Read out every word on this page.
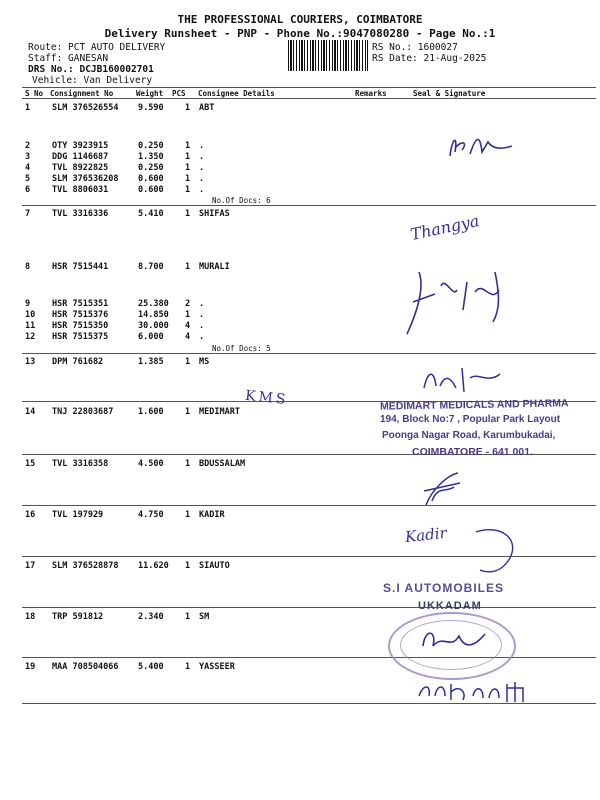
THE PROFESSIONAL COURIERS, COIMBATORE
Delivery Runsheet - PNP - Phone No.:9047080280 - Page No.:1
Route: PCT AUTO DELIVERY
Staff: GANESAN
DRS No.: DCJB160002701
Vehicle: Van Delivery
RS No.: 1600027
RS Date: 21-Aug-2025
S No Consignment No	Weight PCS Consignee Details	Remarks	Seal & Signature
1	SLM 376526554 9.590	1 ABT
2	OTY 3923915	0.250	1 .
3	DDG 1146687	1.350	1 .
4	TVL 8922825	0.250	1 .
5	SLM 376536208 0.600	1 .
6	TVL 8806031	0.600	1 .
7	TVL 3316336	5.410	1 SHIFAS
8	HSR 7515441	8.700	1 MURALI
9	HSR 7515351	25.380 2 .
10 HSR 7515376	14.850 1 .
11 HSR 7515350	30.000 4 .
12 HSR 7515375	6.000	4 .
13 DPM 761682	1.385	1 MS
14 TNJ 22803687	1.600	1 MEDIMART
15 TVL 3316358	4.500	1 BDUSSALAM
16 TVL 197929	4.750	1 KADIR
17 SLM 376528878 11.620 1 SIAUTO
18 TRP 591812	2.340	1 SM
19 MAA 708504066 5.400	1 YASSEER
No.Of Docs: 6
No.Of Docs: 5
Thangya
KMS	MEDIMART MEDICALS AND PHARMA
194, Block No:7 , Popular Park Layout
Poonga Nagar Road, Karumbukadai,
COIMBATORE - 641 001.
Kadir
S.I AUTOMOBILES
UKKADAM
